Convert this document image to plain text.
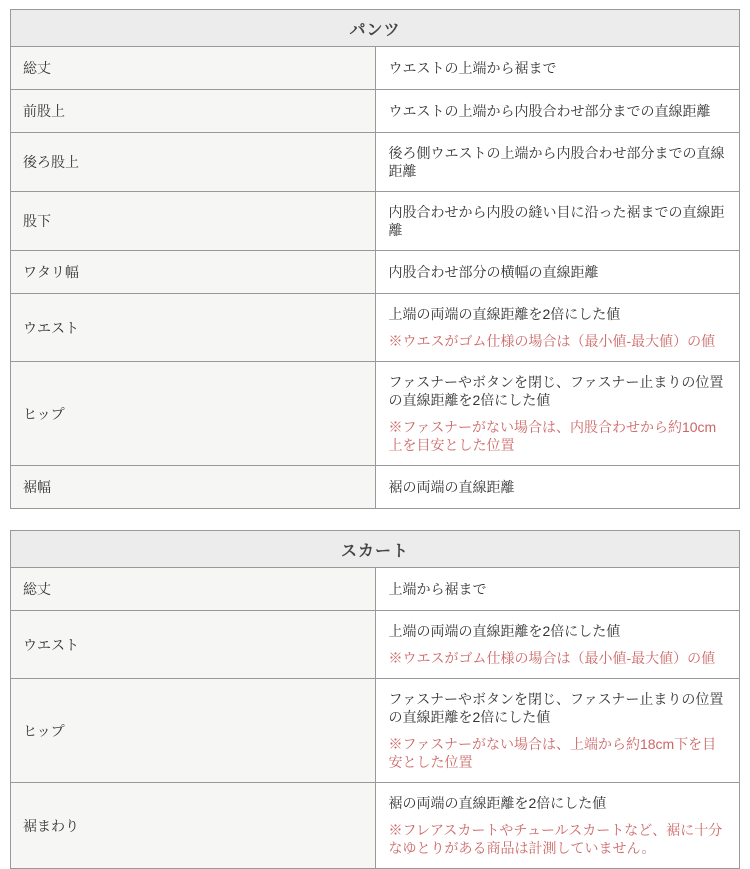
パンツ	
総丈	ウエストの上端から裾まで

前股上	ウエストの上端から内股合わせ部分までの直線距離

後ろ股上	後ろ側ウエストの上端から内股合わせ部分までの直線距離

股下	内股合わせから内股の縫い目に沿った裾までの直線距離

ワタリ幅	内股合わせ部分の横幅の直線距離

ウエスト	上端の両端の直線距離を2倍にした値
※ウエスがゴム仕様の場合は（最小値-最大値）の値

ヒップ	ファスナーやボタンを閉じ、ファスナー止まりの位置の直線距離を2倍にした値
※ファスナーがない場合は、内股合わせから約10cm上を目安とした位置

裾幅	裾の両端の直線距離
スカート	
総丈	上端から裾まで

ウエスト	上端の両端の直線距離を2倍にした値
※ウエスがゴム仕様の場合は（最小値-最大値）の値

ヒップ	ファスナーやボタンを閉じ、ファスナー止まりの位置の直線距離を2倍にした値
※ファスナーがない場合は、上端から約18cm下を目安とした位置

裾まわり	裾の両端の直線距離を2倍にした値
※フレアスカートやチュールスカートなど、裾に十分なゆとりがある商品は計測していません。
